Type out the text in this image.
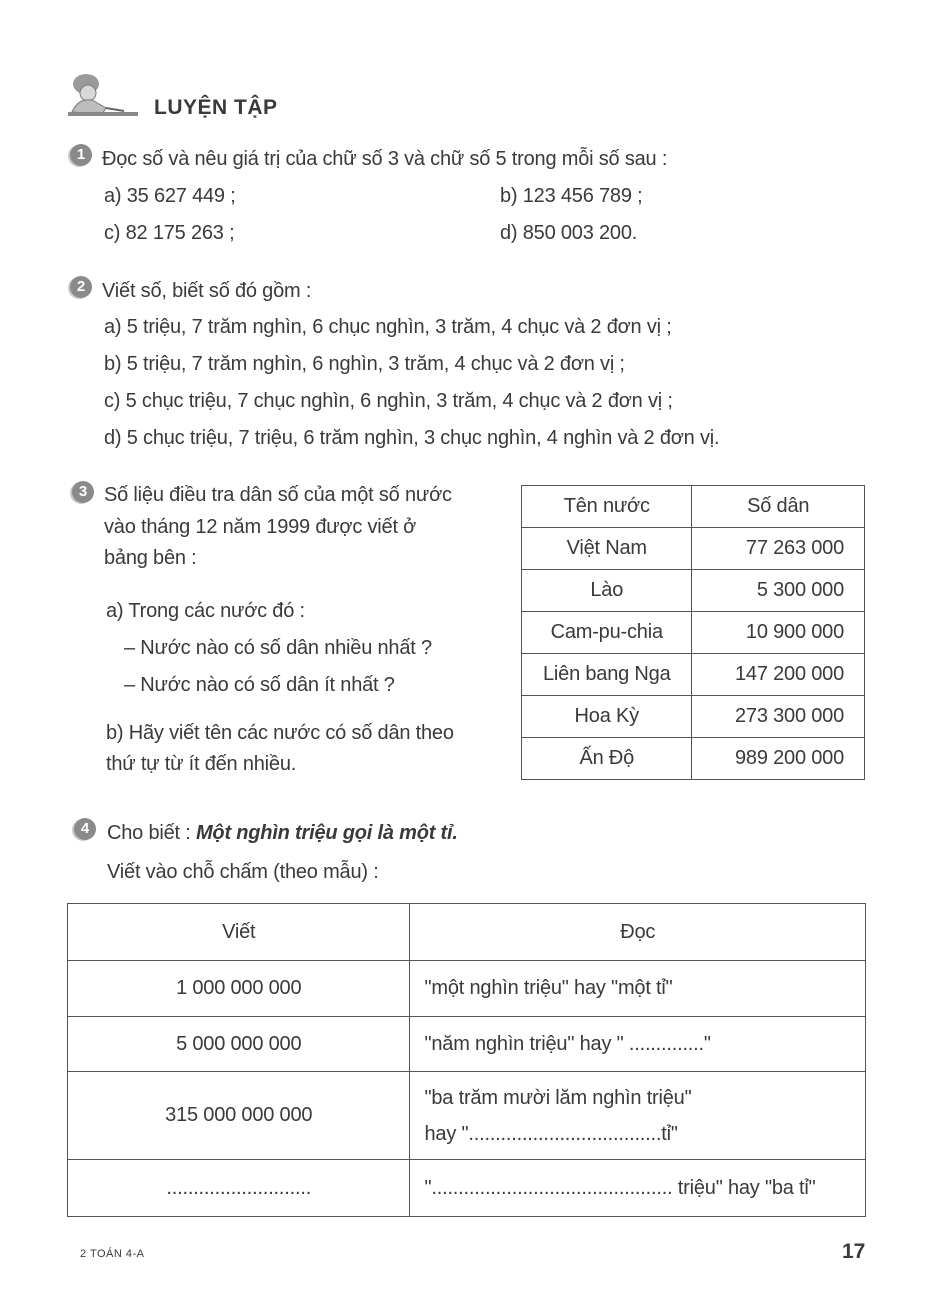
LUYỆN TẬP
1 Đọc số và nêu giá trị của chữ số 3 và chữ số 5 trong mỗi số sau :
a) 35 627 449 ;	b) 123 456 789 ;
c) 82 175 263 ;	d) 850 003 200.
2 Viết số, biết số đó gồm :
a) 5 triệu, 7 trăm nghìn, 6 chục nghìn, 3 trăm, 4 chục và 2 đơn vị ;
b) 5 triệu, 7 trăm nghìn, 6 nghìn, 3 trăm, 4 chục và 2 đơn vị ;
c) 5 chục triệu, 7 chục nghìn, 6 nghìn, 3 trăm, 4 chục và 2 đơn vị ;
d) 5 chục triệu, 7 triệu, 6 trăm nghìn, 3 chục nghìn, 4 nghìn và 2 đơn vị.
3 Số liệu điều tra dân số của một số nước
vào tháng 12 năm 1999 được viết ở
bảng bên :
a) Trong các nước đó :
– Nước nào có số dân nhiều nhất ?
– Nước nào có số dân ít nhất ?
b) Hãy viết tên các nước có số dân theo
thứ tự từ ít đến nhiều.
Tên nước	Số dân
Việt Nam	77 263 000
Lào	5 300 000
Cam-pu-chia	10 900 000
Liên bang Nga	147 200 000
Hoa Kỳ	273 300 000
Ấn Độ	989 200 000
4 Cho biết : Một nghìn triệu gọi là một tỉ.
Viết vào chỗ chấm (theo mẫu) :
Viết	Đọc
1 000 000 000	"một nghìn triệu" hay "một tỉ"
5 000 000 000	"năm nghìn triệu" hay " .............."
315 000 000 000	"ba trăm mười lăm nghìn triệu"
hay "....................................tỉ"

...........................	"............................................. triệu" hay "ba tỉ"
2 TOÁN 4-A	17
